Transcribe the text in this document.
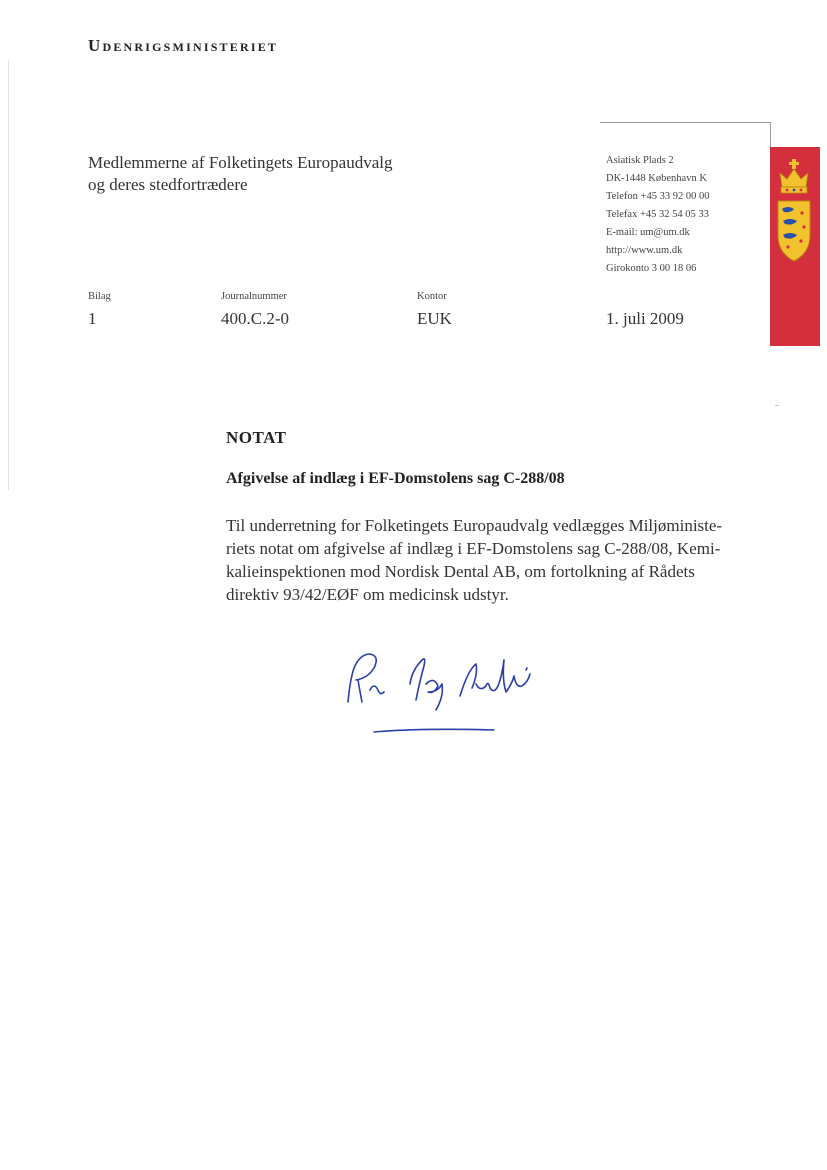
Udenrigsministeriet
Medlemmerne af Folketingets Europaudvalg
og deres stedfortrædere
Asiatisk Plads 2
DK-1448 København K
Telefon +45 33 92 00 00
Telefax +45 32 54 05 33
E-mail: um@um.dk
http://www.um.dk
Girokonto 3 00 18 06
Bilag
1
Journalnummer
400.C.2-0
Kontor
EUK	1. juli 2009
NOTAT
Afgivelse af indlæg i EF-Domstolens sag C-288/08
Til underretning for Folketingets Europaudvalg vedlægges Miljøministe-
riets notat om afgivelse af indlæg i EF-Domstolens sag C-288/08, Kemi-
kalieinspektionen mod Nordisk Dental AB, om fortolkning af Rådets
direktiv 93/42/EØF om medicinsk udstyr.
